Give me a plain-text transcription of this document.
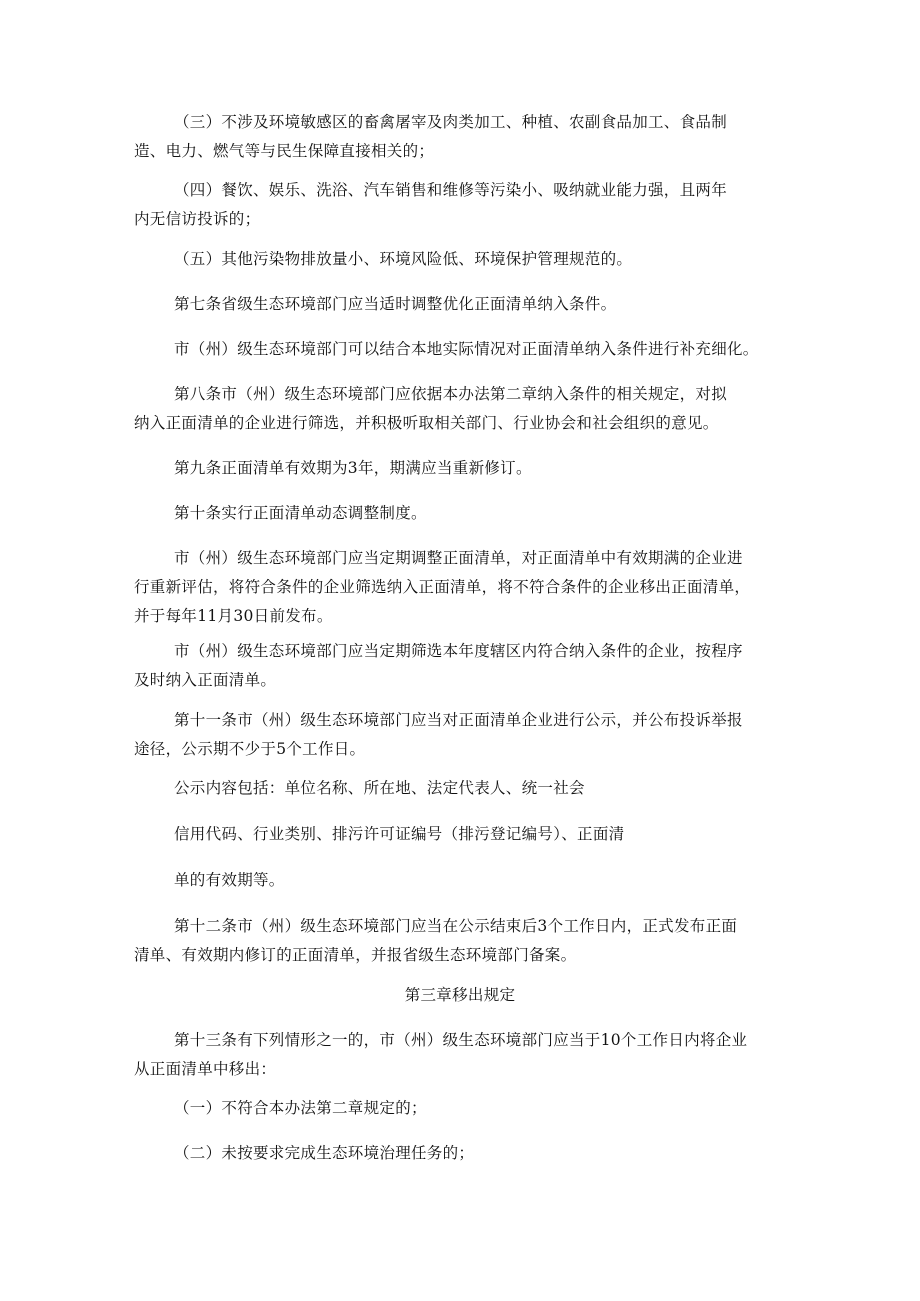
（三）不涉及环境敏感区的畜禽屠宰及肉类加工、种植、农副食品加工、食品制
造、电力、燃气等与民生保障直接相关的；

（四）餐饮、娱乐、洗浴、汽车销售和维修等污染小、吸纳就业能力强，且两年
内无信访投诉的；

（五）其他污染物排放量小、环境风险低、环境保护管理规范的。

第七条省级生态环境部门应当适时调整优化正面清单纳入条件。

市（州）级生态环境部门可以结合本地实际情况对正面清单纳入条件进行补充细化。

第八条市（州）级生态环境部门应依据本办法第二章纳入条件的相关规定，对拟
纳入正面清单的企业进行筛选，并积极听取相关部门、行业协会和社会组织的意见。

第九条正面清单有效期为3年，期满应当重新修订。

第十条实行正面清单动态调整制度。

市（州）级生态环境部门应当定期调整正面清单，对正面清单中有效期满的企业进
行重新评估，将符合条件的企业筛选纳入正面清单，将不符合条件的企业移出正面清单，
并于每年11月30日前发布。

市（州）级生态环境部门应当定期筛选本年度辖区内符合纳入条件的企业，按程序
及时纳入正面清单。

第十一条市（州）级生态环境部门应当对正面清单企业进行公示，并公布投诉举报
途径，公示期不少于5个工作日。

公示内容包括：单位名称、所在地、法定代表人、统一社会

信用代码、行业类别、排污许可证编号（排污登记编号）、正面清

单的有效期等。

第十二条市（州）级生态环境部门应当在公示结束后3个工作日内，正式发布正面
清单、有效期内修订的正面清单，并报省级生态环境部门备案。

第三章移出规定

第十三条有下列情形之一的，市（州）级生态环境部门应当于10个工作日内将企业
从正面清单中移出：

（一）不符合本办法第二章规定的；

（二）未按要求完成生态环境治理任务的；
